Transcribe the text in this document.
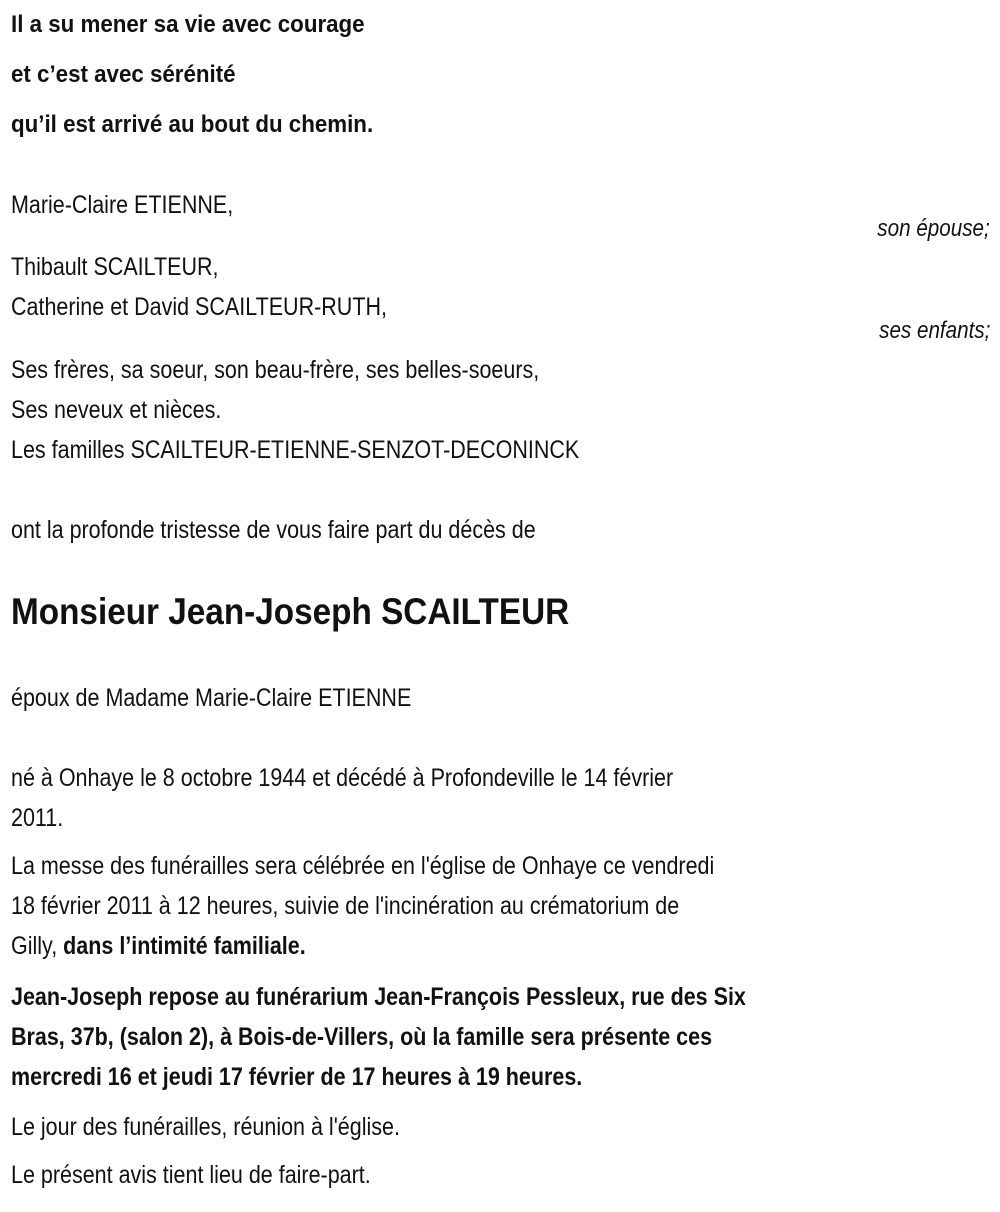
Il a su mener sa vie avec courage
et c’est avec sérénité
qu’il est arrivé au bout du chemin.
Marie-Claire ETIENNE,
son épouse;
Thibault SCAILTEUR,
Catherine et David SCAILTEUR-RUTH,
ses enfants;
Ses frères, sa soeur, son beau-frère, ses belles-soeurs,
Ses neveux et nièces.
Les familles SCAILTEUR-ETIENNE-SENZOT-DECONINCK
ont la profonde tristesse de vous faire part du décès de
Monsieur Jean-Joseph SCAILTEUR
époux de Madame Marie-Claire ETIENNE
né à Onhaye le 8 octobre 1944 et décédé à Profondeville le 14 février
2011.
La messe des funérailles sera célébrée en l'église de Onhaye ce vendredi
18 février 2011 à 12 heures, suivie de l'incinération au crématorium de
Gilly, dans l’intimité familiale.
Jean-Joseph repose au funérarium Jean-François Pessleux, rue des Six
Bras, 37b, (salon 2), à Bois-de-Villers, où la famille sera présente ces
mercredi 16 et jeudi 17 février de 17 heures à 19 heures.
Le jour des funérailles, réunion à l'église.
Le présent avis tient lieu de faire-part.
